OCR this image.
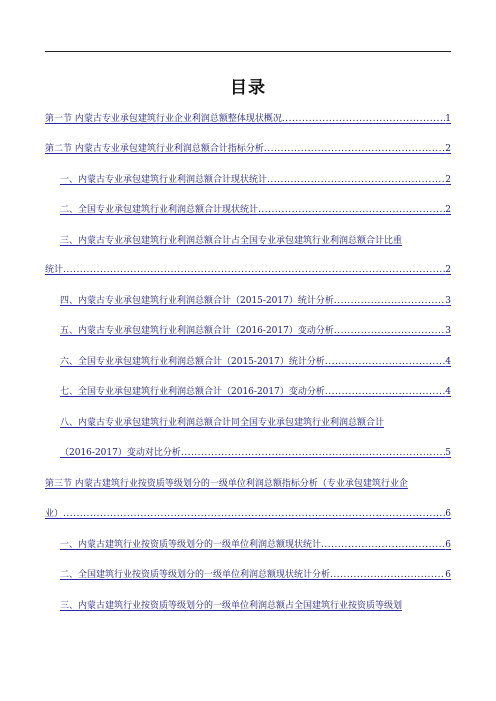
目录
第一节 内蒙古专业承包建筑行业企业利润总额整体现状概况 .....	1
第二节 内蒙古专业承包建筑行业利润总额合计指标分析 .....	2
一、内蒙古专业承包建筑行业利润总额合计现状统计 .....	2
二、全国专业承包建筑行业利润总额合计现状统计 .....	2
三、内蒙古专业承包建筑行业利润总额合计占全国专业承包建筑行业利润总额合计比重
统计 .....	2
四、内蒙古专业承包建筑行业利润总额合计（2015-2017）统计分析 .....	3
五、内蒙古专业承包建筑行业利润总额合计（2016-2017）变动分析 .....	3
六、全国专业承包建筑行业利润总额合计（2015-2017）统计分析 .....	4
七、全国专业承包建筑行业利润总额合计（2016-2017）变动分析 .....	4
八、内蒙古专业承包建筑行业利润总额合计同全国专业承包建筑行业利润总额合计
（2016-2017）变动对比分析 .....	5
第三节 内蒙古建筑行业按资质等级划分的一级单位利润总额指标分析（专业承包建筑行业企
业） .....	6
一、内蒙古建筑行业按资质等级划分的一级单位利润总额现状统计 .....	6
二、全国建筑行业按资质等级划分的一级单位利润总额现状统计分析 .....	6
三、内蒙古建筑行业按资质等级划分的一级单位利润总额占全国建筑行业按资质等级划
